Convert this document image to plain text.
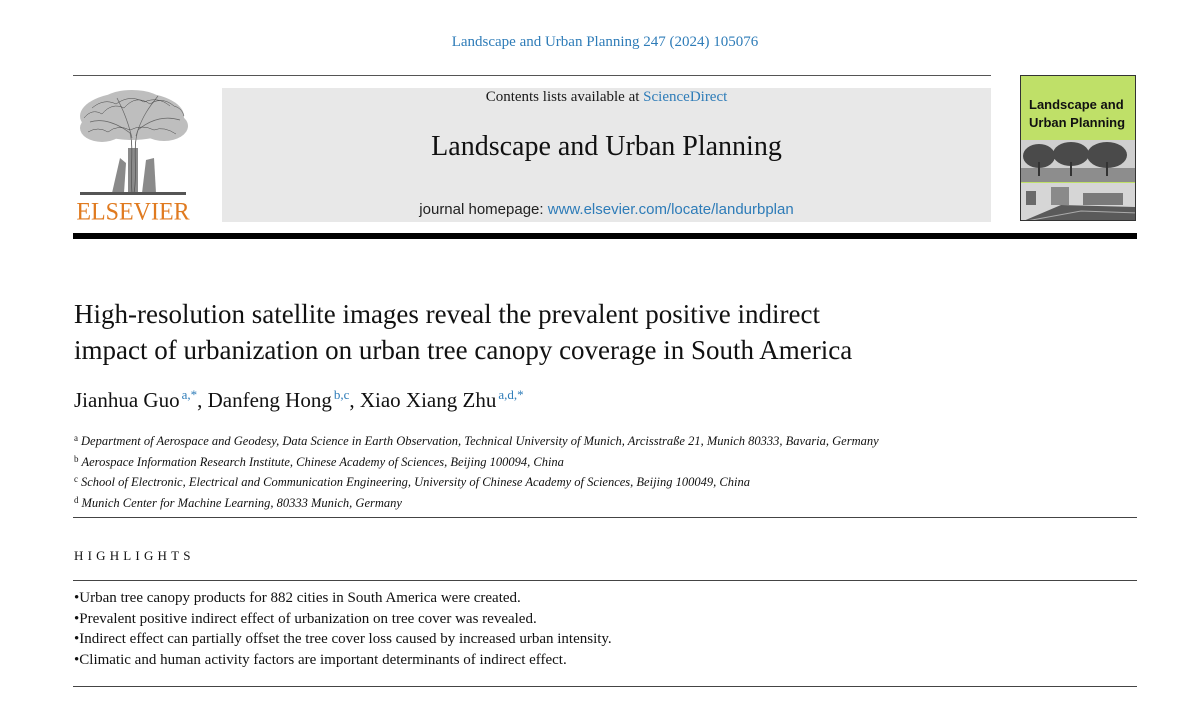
Landscape and Urban Planning 247 (2024) 105076
ELSEVIER
Contents lists available at ScienceDirect
Landscape and Urban Planning
journal homepage: www.elsevier.com/locate/landurbplan
Landscape and
Urban Planning
High-resolution satellite images reveal the prevalent positive indirect
impact of urbanization on urban tree canopy coverage in South America
Jianhua Guo $^{a,*}$, Danfeng Hong $^{b,c}$, Xiao Xiang Zhu $^{a,d,*}$
$^a$ Department of Aerospace and Geodesy, Data Science in Earth Observation, Technical University of Munich, Arcisstraße 21, Munich 80333, Bavaria, Germany
$^b$ Aerospace Information Research Institute, Chinese Academy of Sciences, Beijing 100094, China
$^c$ School of Electronic, Electrical and Communication Engineering, University of Chinese Academy of Sciences, Beijing 100049, China
$^d$ Munich Center for Machine Learning, 80333 Munich, Germany
HIGHLIGHTS
• Urban tree canopy products for 882 cities in South America were created.
• Prevalent positive indirect effect of urbanization on tree cover was revealed.
• Indirect effect can partially offset the tree cover loss caused by increased urban intensity.
• Climatic and human activity factors are important determinants of indirect effect.
